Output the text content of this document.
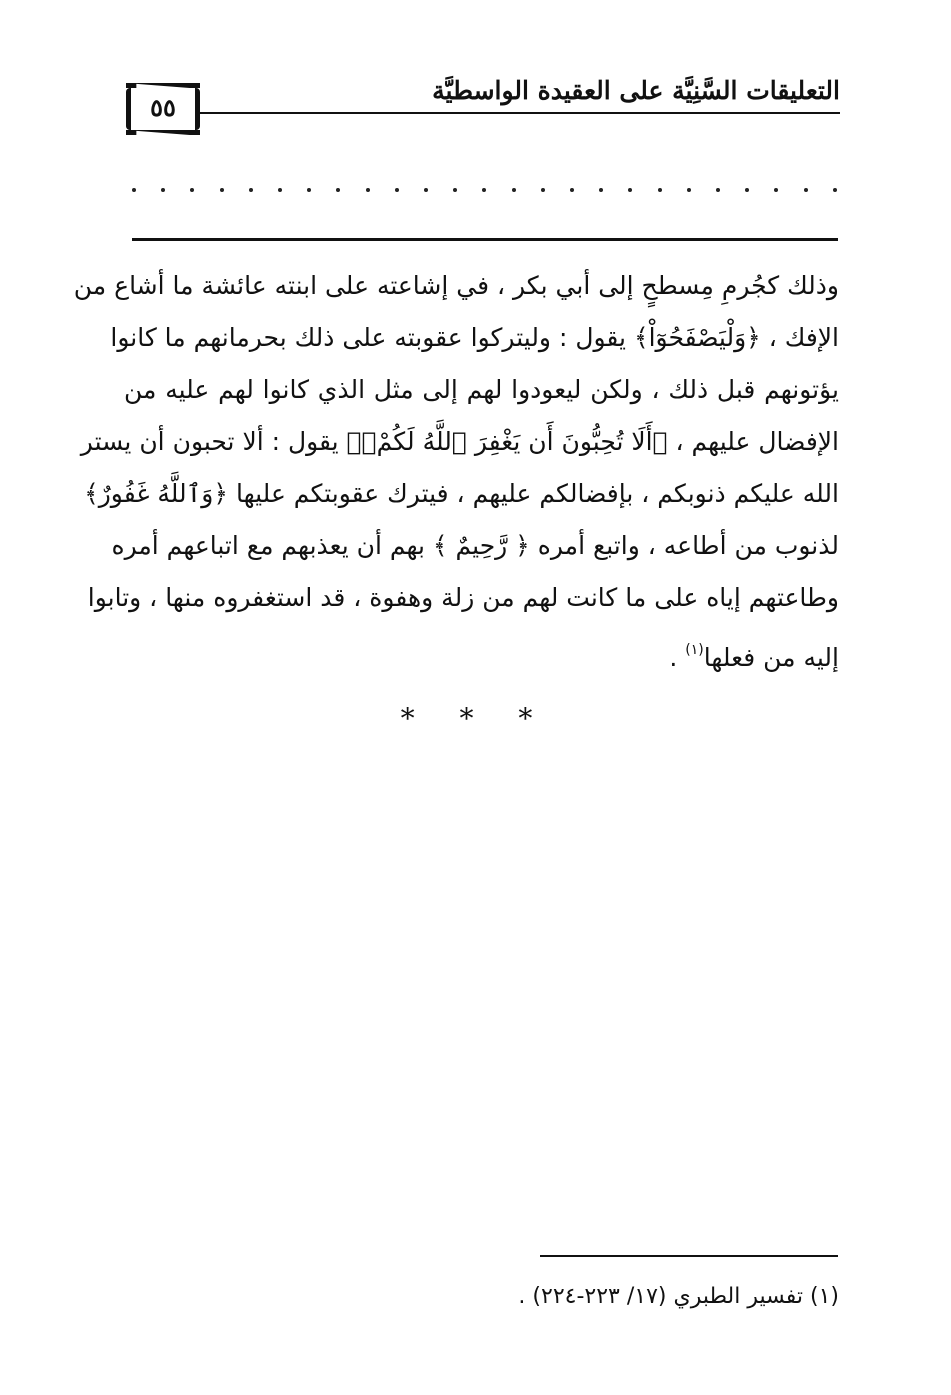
التعليقات السَّنِيَّة على العقيدة الواسطيَّة
٥٥
وذلك كجُرمِ مِسطحٍ إلى أبي بكر ، في إشاعته على ابنته عائشة ما أشاع من
الإفك ، ﴿وَلْيَصْفَحُوٓاْ﴾ يقول : وليتركوا عقوبته على ذلك بحرمانهم ما كانوا
يؤتونهم قبل ذلك ، ولكن ليعودوا لهم إلى مثل الذي كانوا لهم عليه من
الإفضال عليهم ، ﴿أَلَا تُحِبُّونَ أَن يَغْفِرَ ٱللَّهُ لَكُمْۚ﴾ يقول : ألا تحبون أن يستر
الله عليكم ذنوبكم ، بإفضالكم عليهم ، فيترك عقوبتكم عليها ﴿وَٱللَّهُ غَفُورٌ﴾
لذنوب من أطاعه ، واتبع أمره ﴿ رَّحِيمٌ ﴾ بهم أن يعذبهم مع اتباعهم أمره
وطاعتهم إياه على ما كانت لهم من زلة وهفوة ، قد استغفروه منها ، وتابوا
إليه من فعلها$^{(١)}$ .
* * *
(١) تفسير الطبري (١٧/ ٢٢٣-٢٢٤) .
